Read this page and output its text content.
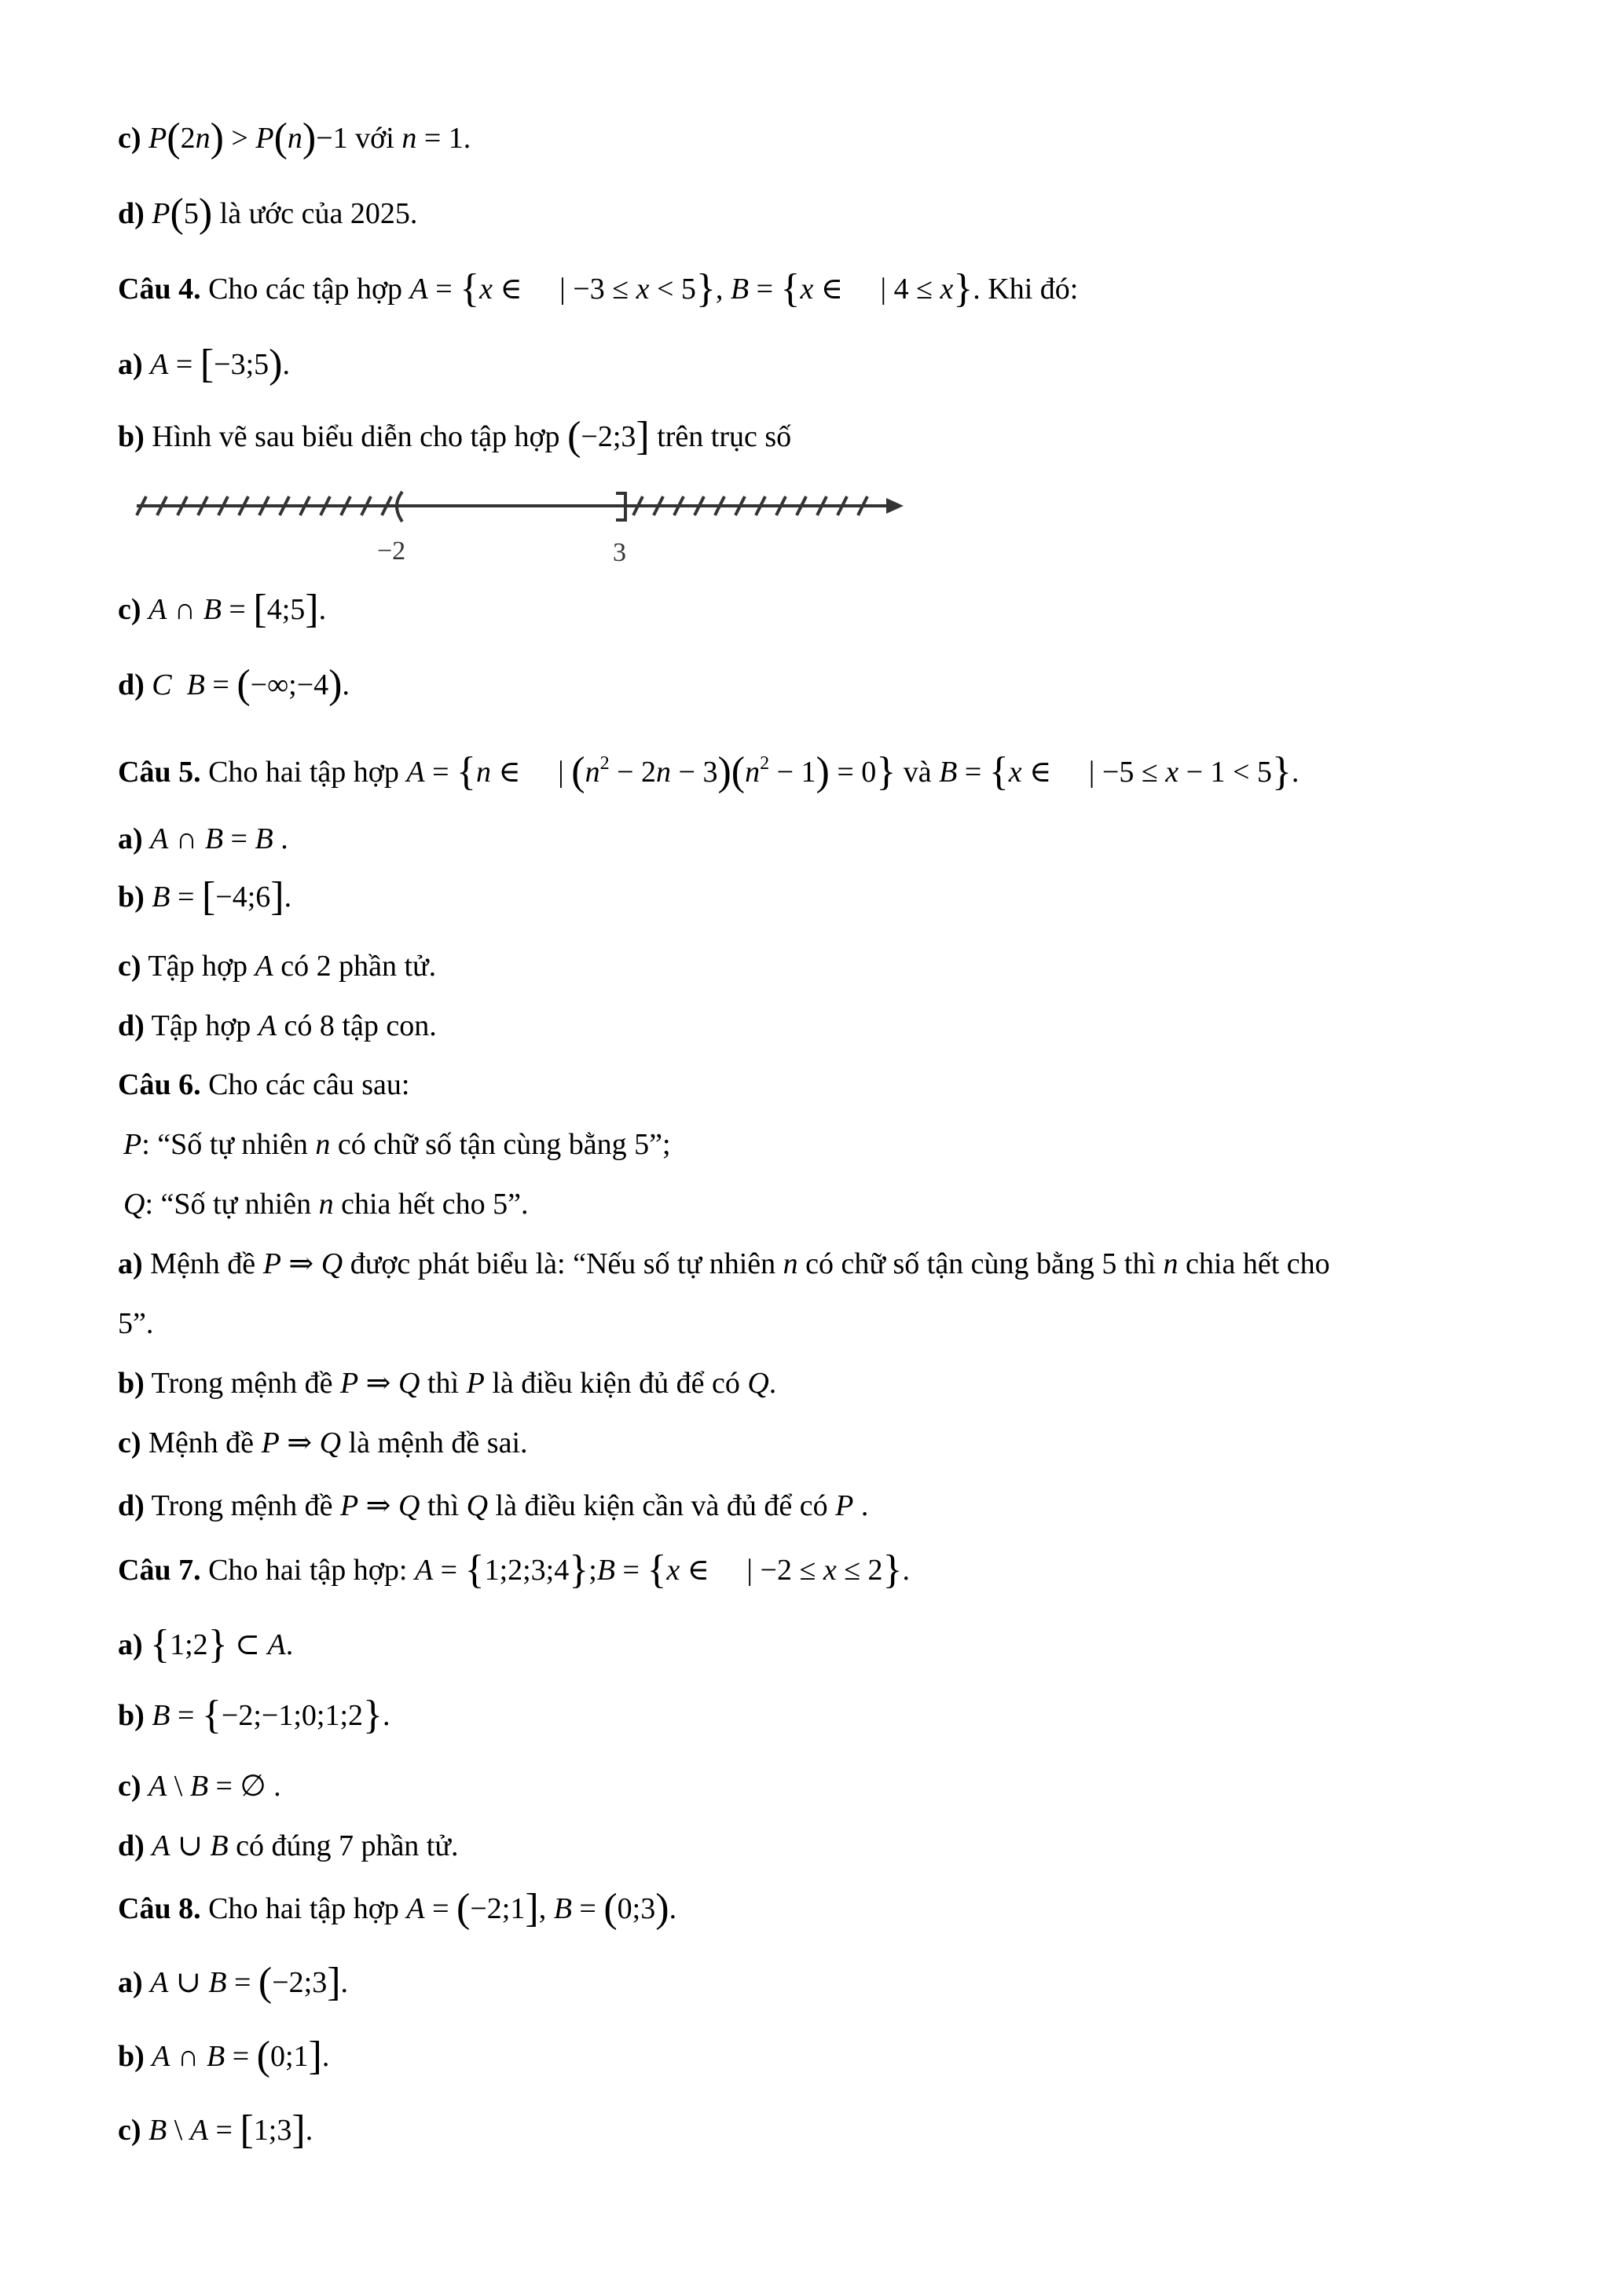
c) P(2n) > P(n)−1 với n = 1.
d) P(5) là ước của 2025.
Câu 4. Cho các tập hợp A = {x ∈     | −3 ≤ x < 5}, B = {x ∈     | 4 ≤ x}. Khi đó:
a) A = [−3;5).
b) Hình vẽ sau biểu diễn cho tập hợp (−2;3] trên trục số
−2	3
c) A ∩ B = [4;5].
d) C B = (−∞;−4).
Câu 5. Cho hai tập hợp A = {n ∈     | $(n^2 - 2n - 3)(n^2 - 1) = 0$} và B = {x ∈     | −5 ≤ x − 1 < 5}.
a) A ∩ B = B .
b) B = [−4;6].
c) Tập hợp A có 2 phần tử.
d) Tập hợp A có 8 tập con.
Câu 6. Cho các câu sau:
P: “Số tự nhiên n có chữ số tận cùng bằng 5”;
Q: “Số tự nhiên n chia hết cho 5”.
a) Mệnh đề P ⇒ Q được phát biểu là: “Nếu số tự nhiên n có chữ số tận cùng bằng 5 thì n chia hết cho
5”.
b) Trong mệnh đề P ⇒ Q thì P là điều kiện đủ để có Q.
c) Mệnh đề P ⇒ Q là mệnh đề sai.
d) Trong mệnh đề P ⇒ Q thì Q là điều kiện cần và đủ để có P .
Câu 7. Cho hai tập hợp: A = {1;2;3;4};B = {x ∈     | −2 ≤ x ≤ 2}.
a) {1;2} ⊂ A.
b) B = {−2;−1;0;1;2}.
c) A \ B = ∅ .
d) A ∪ B có đúng 7 phần tử.
Câu 8. Cho hai tập hợp A = (−2;1], B = (0;3).
a) A ∪ B = (−2;3].
b) A ∩ B = (0;1].
c) B \ A = [1;3].
